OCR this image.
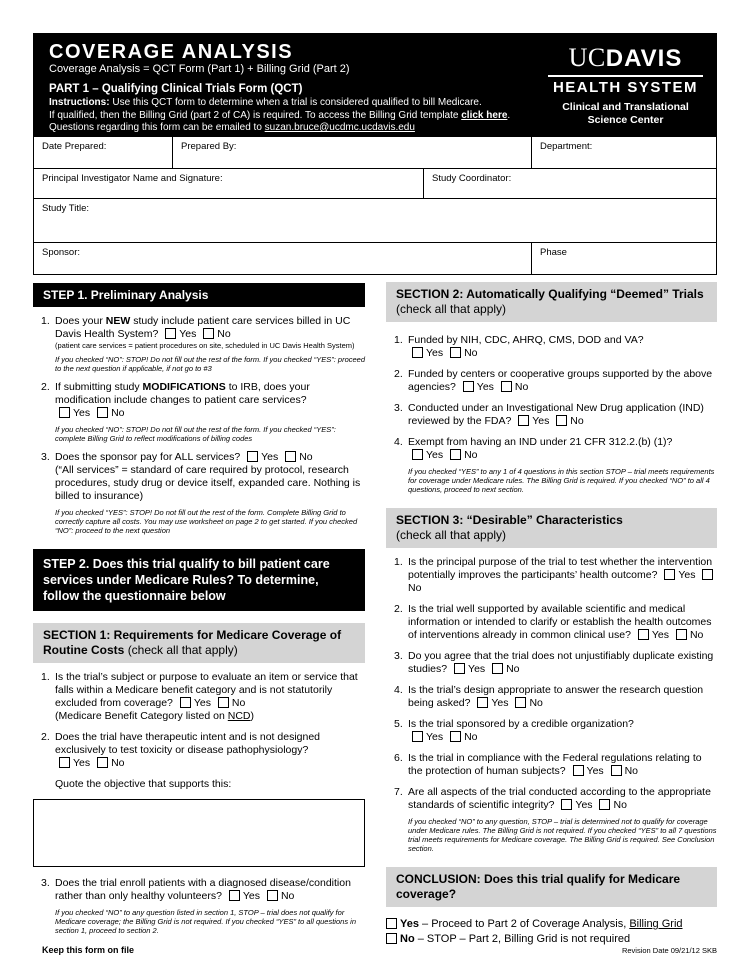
COVERAGE ANALYSIS
Coverage Analysis = QCT Form (Part 1) + Billing Grid (Part 2)
PART 1 – Qualifying Clinical Trials Form (QCT)
Instructions: Use this QCT form to determine when a trial is considered qualified to bill Medicare.
If qualified, then the Billing Grid (part 2 of CA) is required. To access the Billing Grid template click here.
Questions regarding this form can be emailed to suzan.bruce@ucdmc.ucdavis.edu
UCDAVIS
HEALTH SYSTEM
Clinical and Translational
Science Center
Date Prepared:	Prepared By:	Department:
Principal Investigator Name and Signature:	Study Coordinator:
Study Title:
Sponsor:	Phase
STEP 1. Preliminary Analysis
1. Does your NEW study include patient care services billed in UC Davis Health System? Yes No
(patient care services = patient procedures on site, scheduled in UC Davis Health System)
If you checked “NO”: STOP! Do not fill out the rest of the form. If you checked “YES”: proceed to the next question if applicable, if not go to #3
2. If submitting study MODIFICATIONS to IRB, does your modification include changes to patient care services?
Yes No
If you checked “NO”: STOP! Do not fill out the rest of the form. If you checked “YES”: complete Billing Grid to reflect modifications of billing codes
3. Does the sponsor pay for ALL services? Yes No
(“All services” = standard of care required by protocol, research procedures, study drug or device itself, expanded care. Nothing is billed to insurance)
If you checked “YES”: STOP! Do not fill out the rest of the form. Complete Billing Grid to correctly capture all costs. You may use worksheet on page 2 to get started. If you checked “NO”: proceed to the next question
STEP 2. Does this trial qualify to bill patient care services under Medicare Rules? To determine, follow the questionnaire below
SECTION 1: Requirements for Medicare Coverage of Routine Costs (check all that apply)
1. Is the trial’s subject or purpose to evaluate an item or service that falls within a Medicare benefit category and is not statutorily excluded from coverage? Yes No
(Medicare Benefit Category listed on NCD)
2. Does the trial have therapeutic intent and is not designed exclusively to test toxicity or disease pathophysiology?
Yes No
Quote the objective that supports this:
3. Does the trial enroll patients with a diagnosed disease/condition rather than only healthy volunteers? Yes No
If you checked “NO” to any question listed in section 1, STOP – trial does not qualify for Medicare coverage; the Billing Grid is not required. If you checked “YES” to all questions in section 1, proceed to section 2.
SECTION 2: Automatically Qualifying “Deemed” Trials (check all that apply)
1. Funded by NIH, CDC, AHRQ, CMS, DOD and VA?
Yes No
2. Funded by centers or cooperative groups supported by the above agencies? Yes No
3. Conducted under an Investigational New Drug application (IND) reviewed by the FDA? Yes No
4. Exempt from having an IND under 21 CFR 312.2.(b) (1)?
Yes No
If you checked “YES” to any 1 of 4 questions in this section STOP – trial meets requirements for coverage under Medicare rules. The Billing Grid is required. If you checked “NO” to all 4 questions, proceed to next section.
SECTION 3: “Desirable” Characteristics
(check all that apply)
1. Is the principal purpose of the trial to test whether the intervention potentially improves the participants’ health outcome? Yes No
2. Is the trial well supported by available scientific and medical information or intended to clarify or establish the health outcomes of interventions already in common clinical use? Yes No
3. Do you agree that the trial does not unjustifiably duplicate existing studies? Yes No
4. Is the trial’s design appropriate to answer the research question being asked? Yes No
5. Is the trial sponsored by a credible organization?
Yes No
6. Is the trial in compliance with the Federal regulations relating to the protection of human subjects? Yes No
7. Are all aspects of the trial conducted according to the appropriate standards of scientific integrity? Yes No
If you checked “NO” to any question, STOP – trial is determined not to qualify for coverage under Medicare rules. The Billing Grid is not required. If you checked “YES” to all 7 questions trial meets requirements for Medicare coverage. The Billing Grid is required. See Conclusion section.
CONCLUSION: Does this trial qualify for Medicare coverage?
Yes – Proceed to Part 2 of Coverage Analysis, Billing Grid
No – STOP – Part 2, Billing Grid is not required
Keep this form on file	Revision Date 09/21/12 SKB
